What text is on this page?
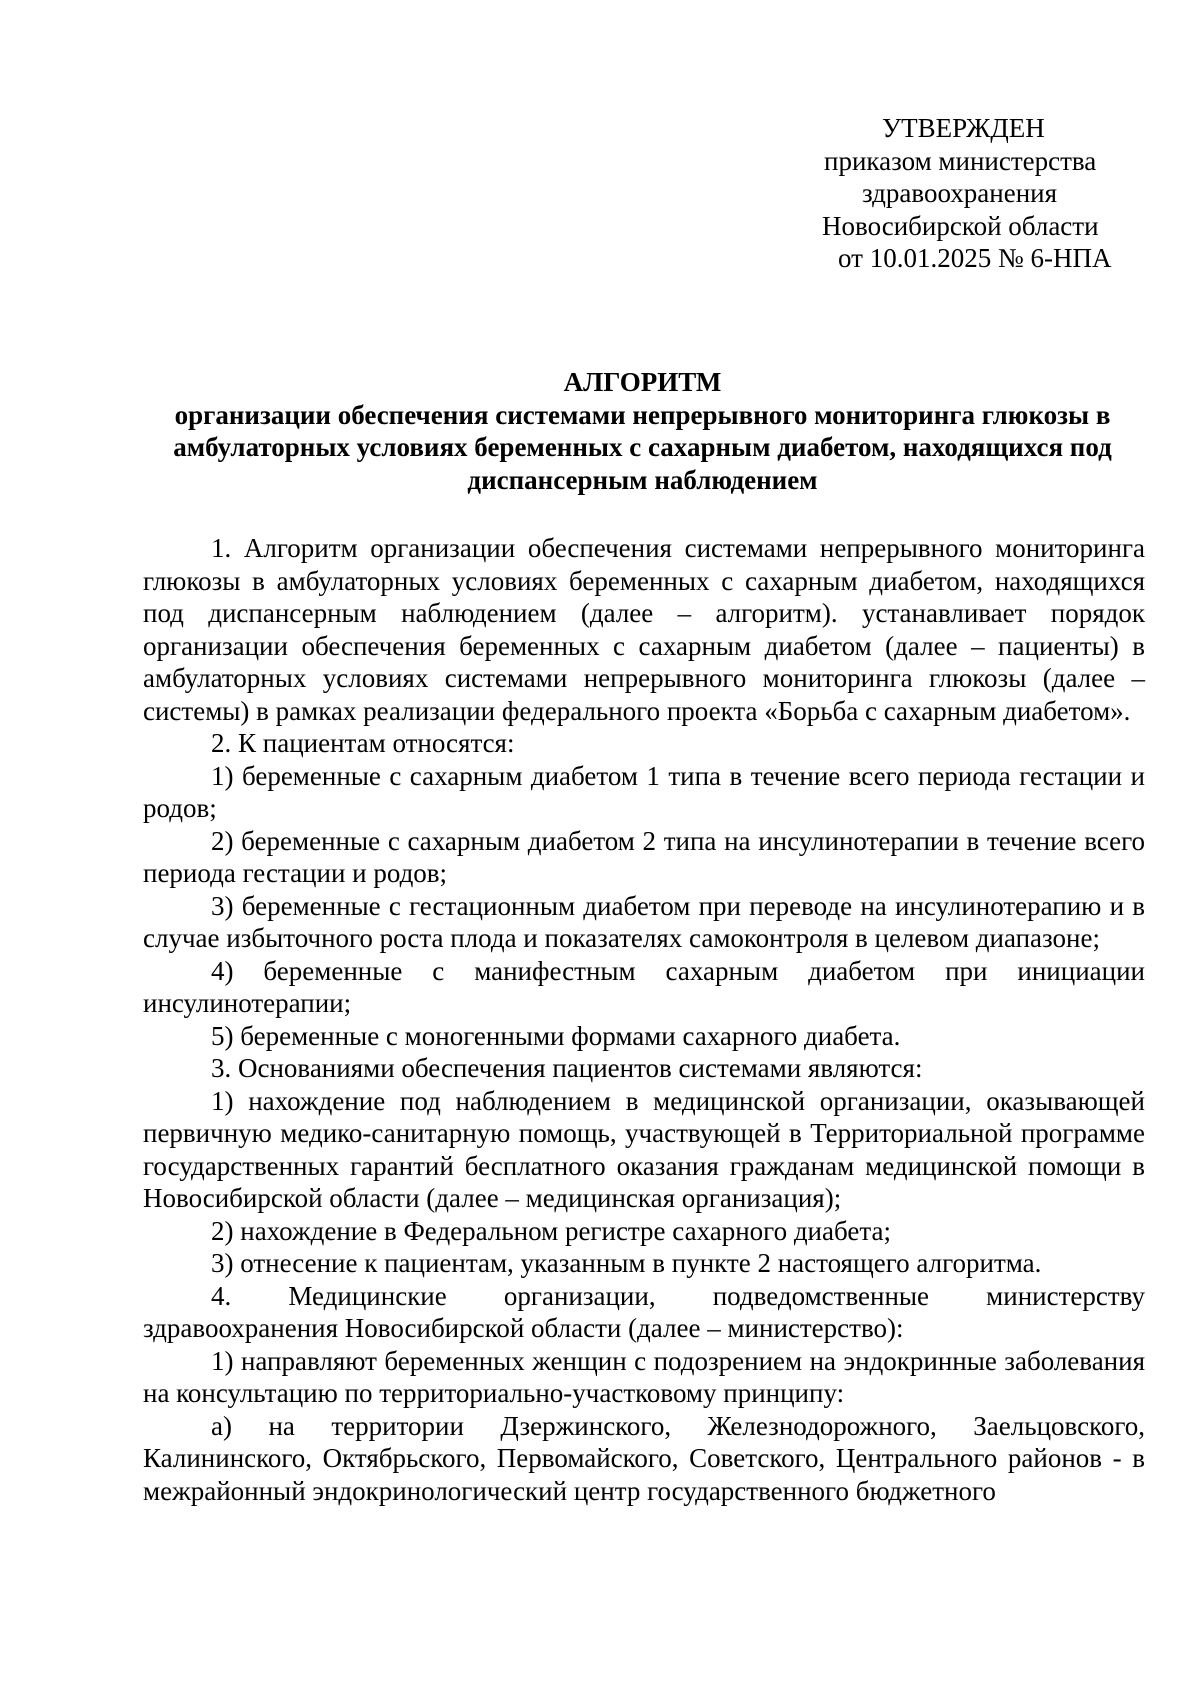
УТВЕРЖДЕН
приказом министерства
здравоохранения
Новосибирской области
от 10.01.2025 № 6-НПА
АЛГОРИТМ
организации обеспечения системами непрерывного мониторинга глюкозы в
амбулаторных условиях беременных с сахарным диабетом, находящихся под
диспансерным наблюдением

1. Алгоритм организации обеспечения системами непрерывного мониторинга глюкозы в амбулаторных условиях беременных с сахарным диабетом, находящихся под диспансерным наблюдением (далее – алгоритм). устанавливает порядок организации обеспечения беременных с сахарным диабетом (далее – пациенты) в амбулаторных условиях системами непрерывного мониторинга глюкозы (далее – системы) в рамках реализации федерального проекта «Борьба с сахарным диабетом».

2. К пациентам относятся:

1) беременные с сахарным диабетом 1 типа в течение всего периода гестации и родов;

2) беременные с сахарным диабетом 2 типа на инсулинотерапии в течение всего периода гестации и родов;

3) беременные с гестационным диабетом при переводе на инсулинотерапию и в случае избыточного роста плода и показателях самоконтроля в целевом диапазоне;

4) беременные с манифестным сахарным диабетом при инициации инсулинотерапии;

5) беременные с моногенными формами сахарного диабета.

3. Основаниями обеспечения пациентов системами являются:

1) нахождение под наблюдением в медицинской организации, оказывающей первичную медико-санитарную помощь, участвующей в Территориальной программе государственных гарантий бесплатного оказания гражданам медицинской помощи в Новосибирской области (далее – медицинская организация);

2) нахождение в Федеральном регистре сахарного диабета;

3) отнесение к пациентам, указанным в пункте 2 настоящего алгоритма.

4. Медицинские организации, подведомственные министерству здравоохранения Новосибирской области (далее – министерство):

1) направляют беременных женщин с подозрением на эндокринные заболевания на консультацию по территориально-участковому принципу:

а) на территории Дзержинского, Железнодорожного, Заельцовского, Калининского, Октябрьского, Первомайского, Советского, Центрального районов - в межрайонный эндокринологический центр государственного бюджетного
